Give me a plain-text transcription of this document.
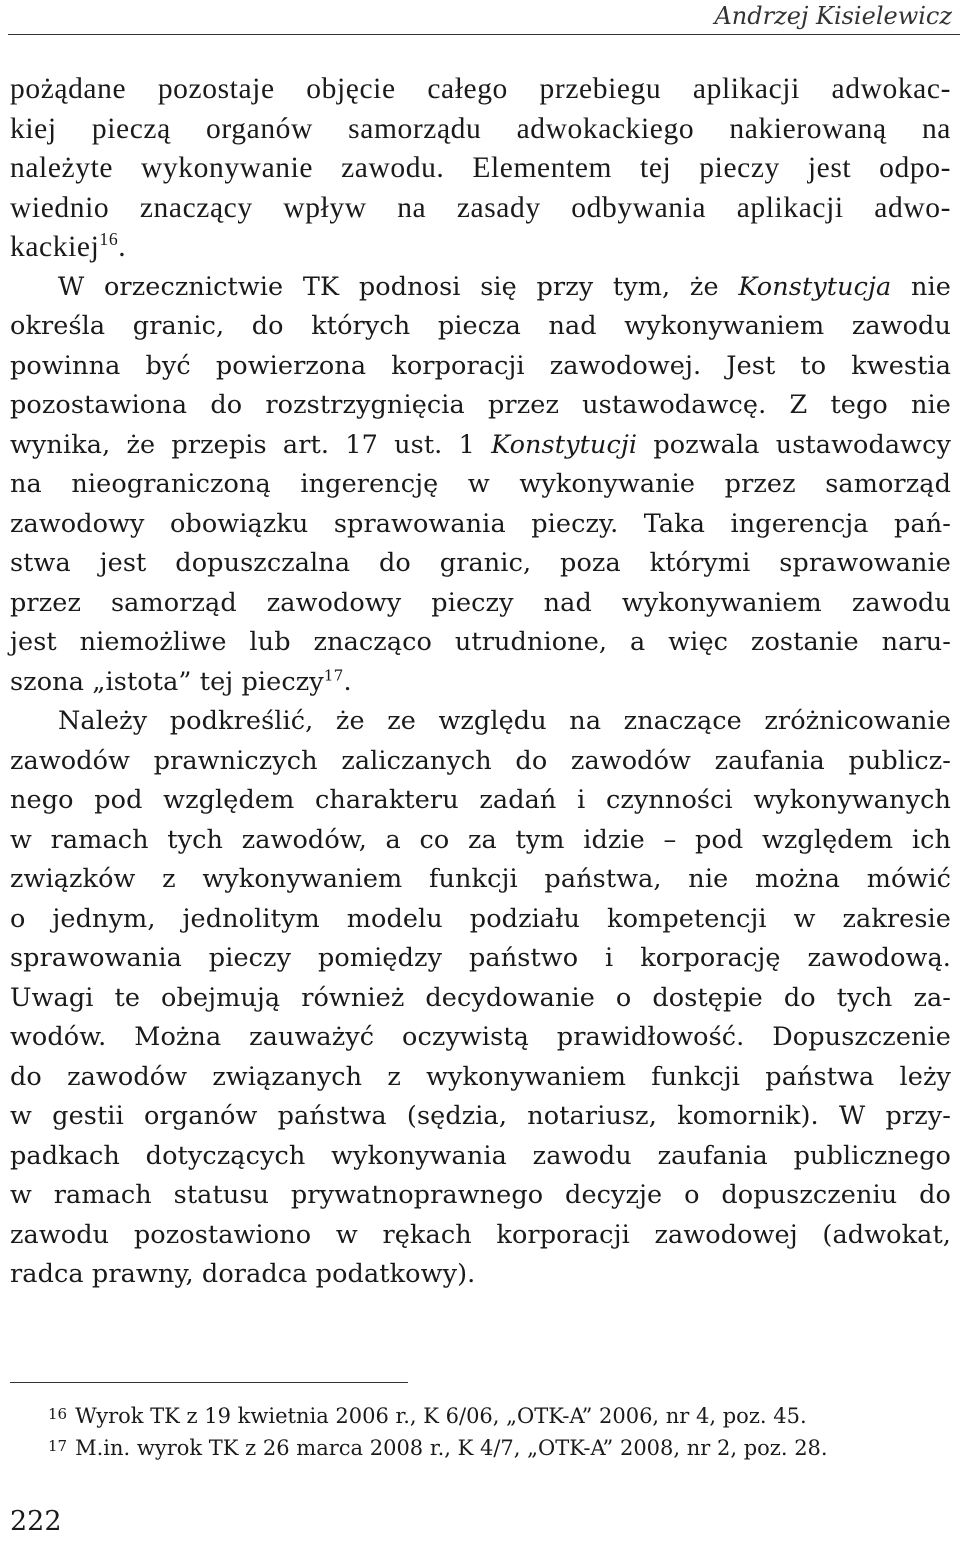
Andrzej Kisielewicz
pożądane pozostaje objęcie całego przebiegu aplikacji adwokac-
kiej pieczą organów samorządu adwokackiego nakierowaną na
należyte wykonywanie zawodu. Elementem tej pieczy jest odpo-
wiednio znaczący wpływ na zasady odbywania aplikacji adwo-
kackiej$^{16}$.
W orzecznictwie TK podnosi się przy tym, że Konstytucja nie
określa granic, do których piecza nad wykonywaniem zawodu
powinna być powierzona korporacji zawodowej. Jest to kwestia
pozostawiona do rozstrzygnięcia przez ustawodawcę. Z tego nie
wynika, że przepis art. 17 ust. 1 Konstytucji pozwala ustawodawcy
na nieograniczoną ingerencję w wykonywanie przez samorząd
zawodowy obowiązku sprawowania pieczy. Taka ingerencja pań-
stwa jest dopuszczalna do granic, poza którymi sprawowanie
przez samorząd zawodowy pieczy nad wykonywaniem zawodu
jest niemożliwe lub znacząco utrudnione, a więc zostanie naru-
szona „istota” tej pieczy$^{17}$.
Należy podkreślić, że ze względu na znaczące zróżnicowanie
zawodów prawniczych zaliczanych do zawodów zaufania publicz-
nego pod względem charakteru zadań i czynności wykonywanych
w ramach tych zawodów, a co za tym idzie – pod względem ich
związków z wykonywaniem funkcji państwa, nie można mówić
o jednym, jednolitym modelu podziału kompetencji w zakresie
sprawowania pieczy pomiędzy państwo i korporację zawodową.
Uwagi te obejmują również decydowanie o dostępie do tych za-
wodów. Można zauważyć oczywistą prawidłowość. Dopuszczenie
do zawodów związanych z wykonywaniem funkcji państwa leży
w gestii organów państwa (sędzia, notariusz, komornik). W przy-
padkach dotyczących wykonywania zawodu zaufania publicznego
w ramach statusu prywatnoprawnego decyzje o dopuszczeniu do
zawodu pozostawiono w rękach korporacji zawodowej (adwokat,
radca prawny, doradca podatkowy).
$^{16}$ Wyrok TK z 19 kwietnia 2006 r., K 6/06, „OTK-A” 2006, nr 4, poz. 45.
$^{17}$ M.in. wyrok TK z 26 marca 2008 r., K 4/7, „OTK-A” 2008, nr 2, poz. 28.
222
